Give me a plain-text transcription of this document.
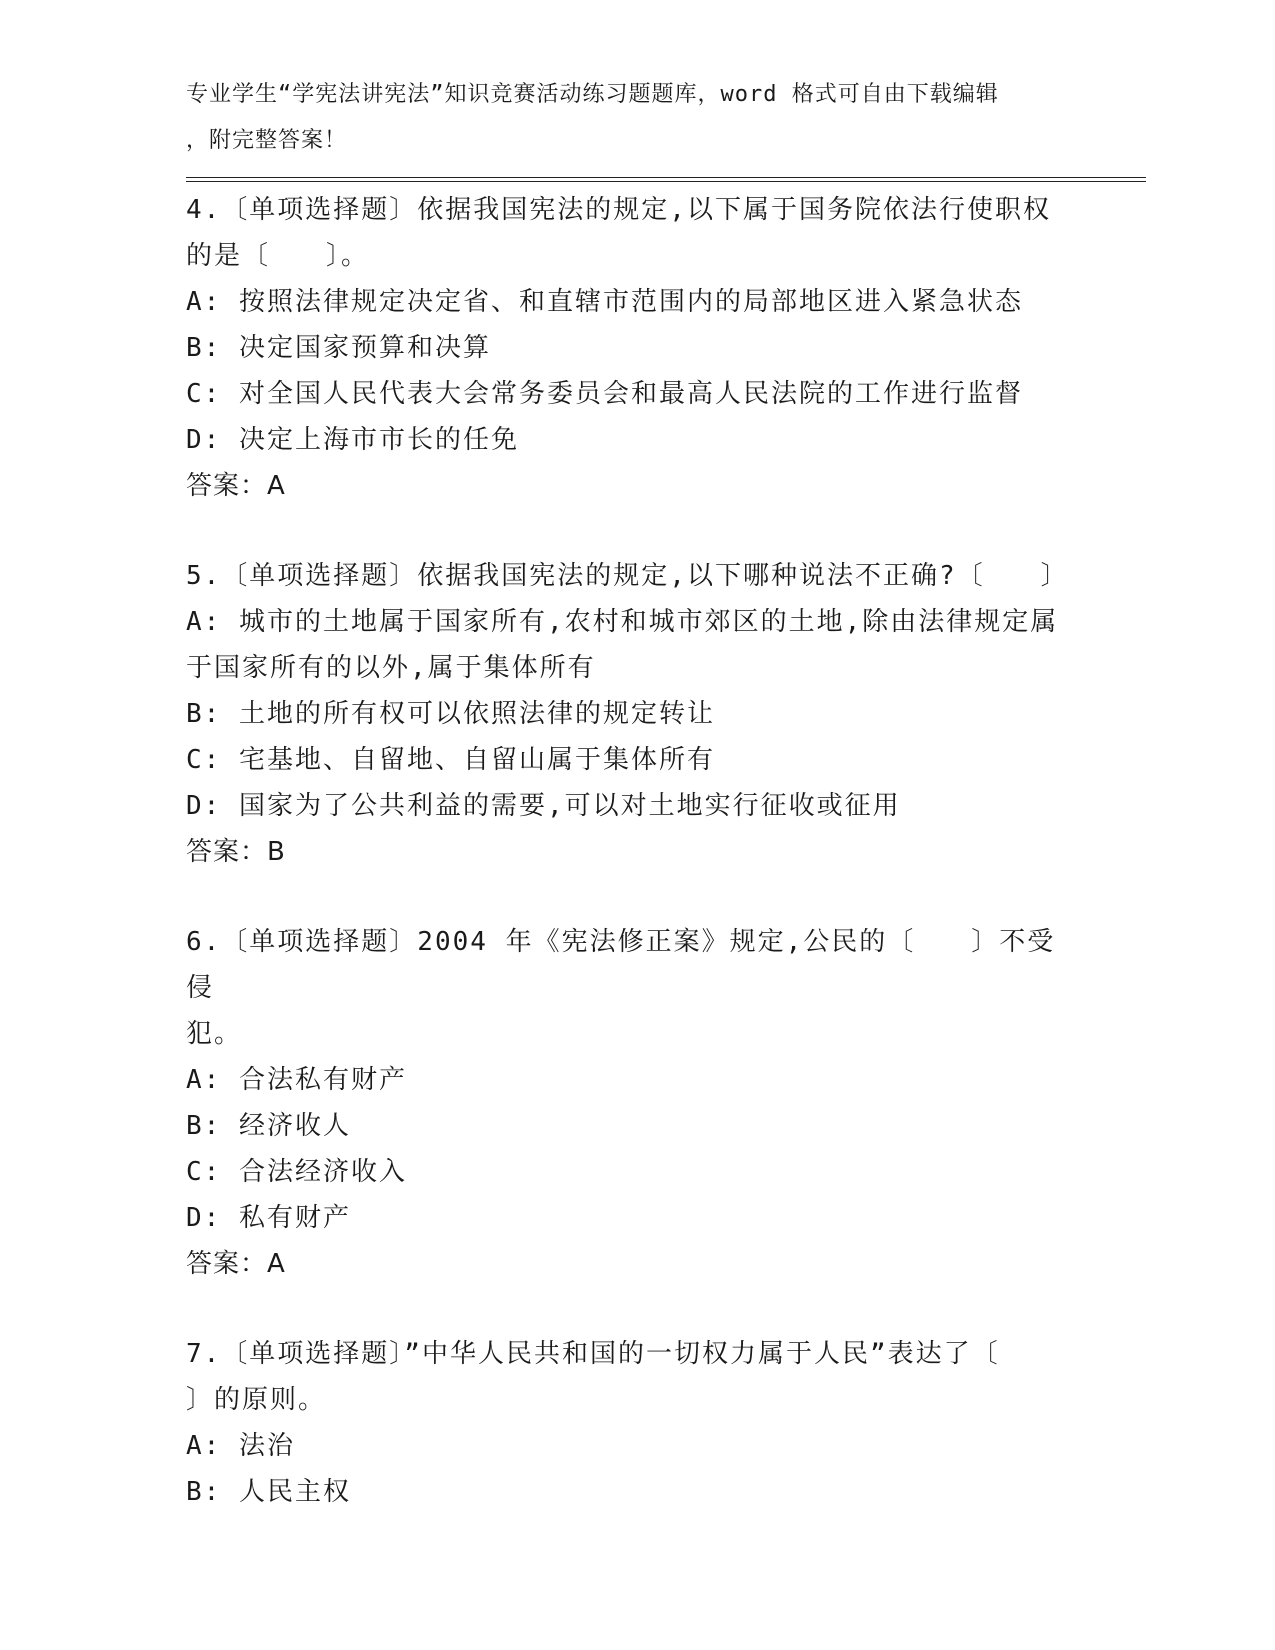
专业学生“学宪法讲宪法”知识竞赛活动练习题题库，word 格式可自由下载编辑
，附完整答案！
4.〔单项选择题〕依据我国宪法的规定,以下属于国务院依法行使职权
的是〔　　〕。
A: 按照法律规定决定省、和直辖市范围内的局部地区进入紧急状态
B: 决定国家预算和决算
C: 对全国人民代表大会常务委员会和最高人民法院的工作进行监督
D: 决定上海市市长的任免
答案：A
5.〔单项选择题〕依据我国宪法的规定,以下哪种说法不正确?〔　　〕
A: 城市的土地属于国家所有,农村和城市郊区的土地,除由法律规定属
于国家所有的以外,属于集体所有
B: 土地的所有权可以依照法律的规定转让
C: 宅基地、自留地、自留山属于集体所有
D: 国家为了公共利益的需要,可以对土地实行征收或征用
答案：B
6.〔单项选择题〕2004 年《宪法修正案》规定,公民的〔　　〕不受侵
犯。
A: 合法私有财产
B: 经济收人
C: 合法经济收入
D: 私有财产
答案：A
7.〔单项选择题〕”中华人民共和国的一切权力属于人民”表达了〔
〕的原则。
A: 法治
B: 人民主权
